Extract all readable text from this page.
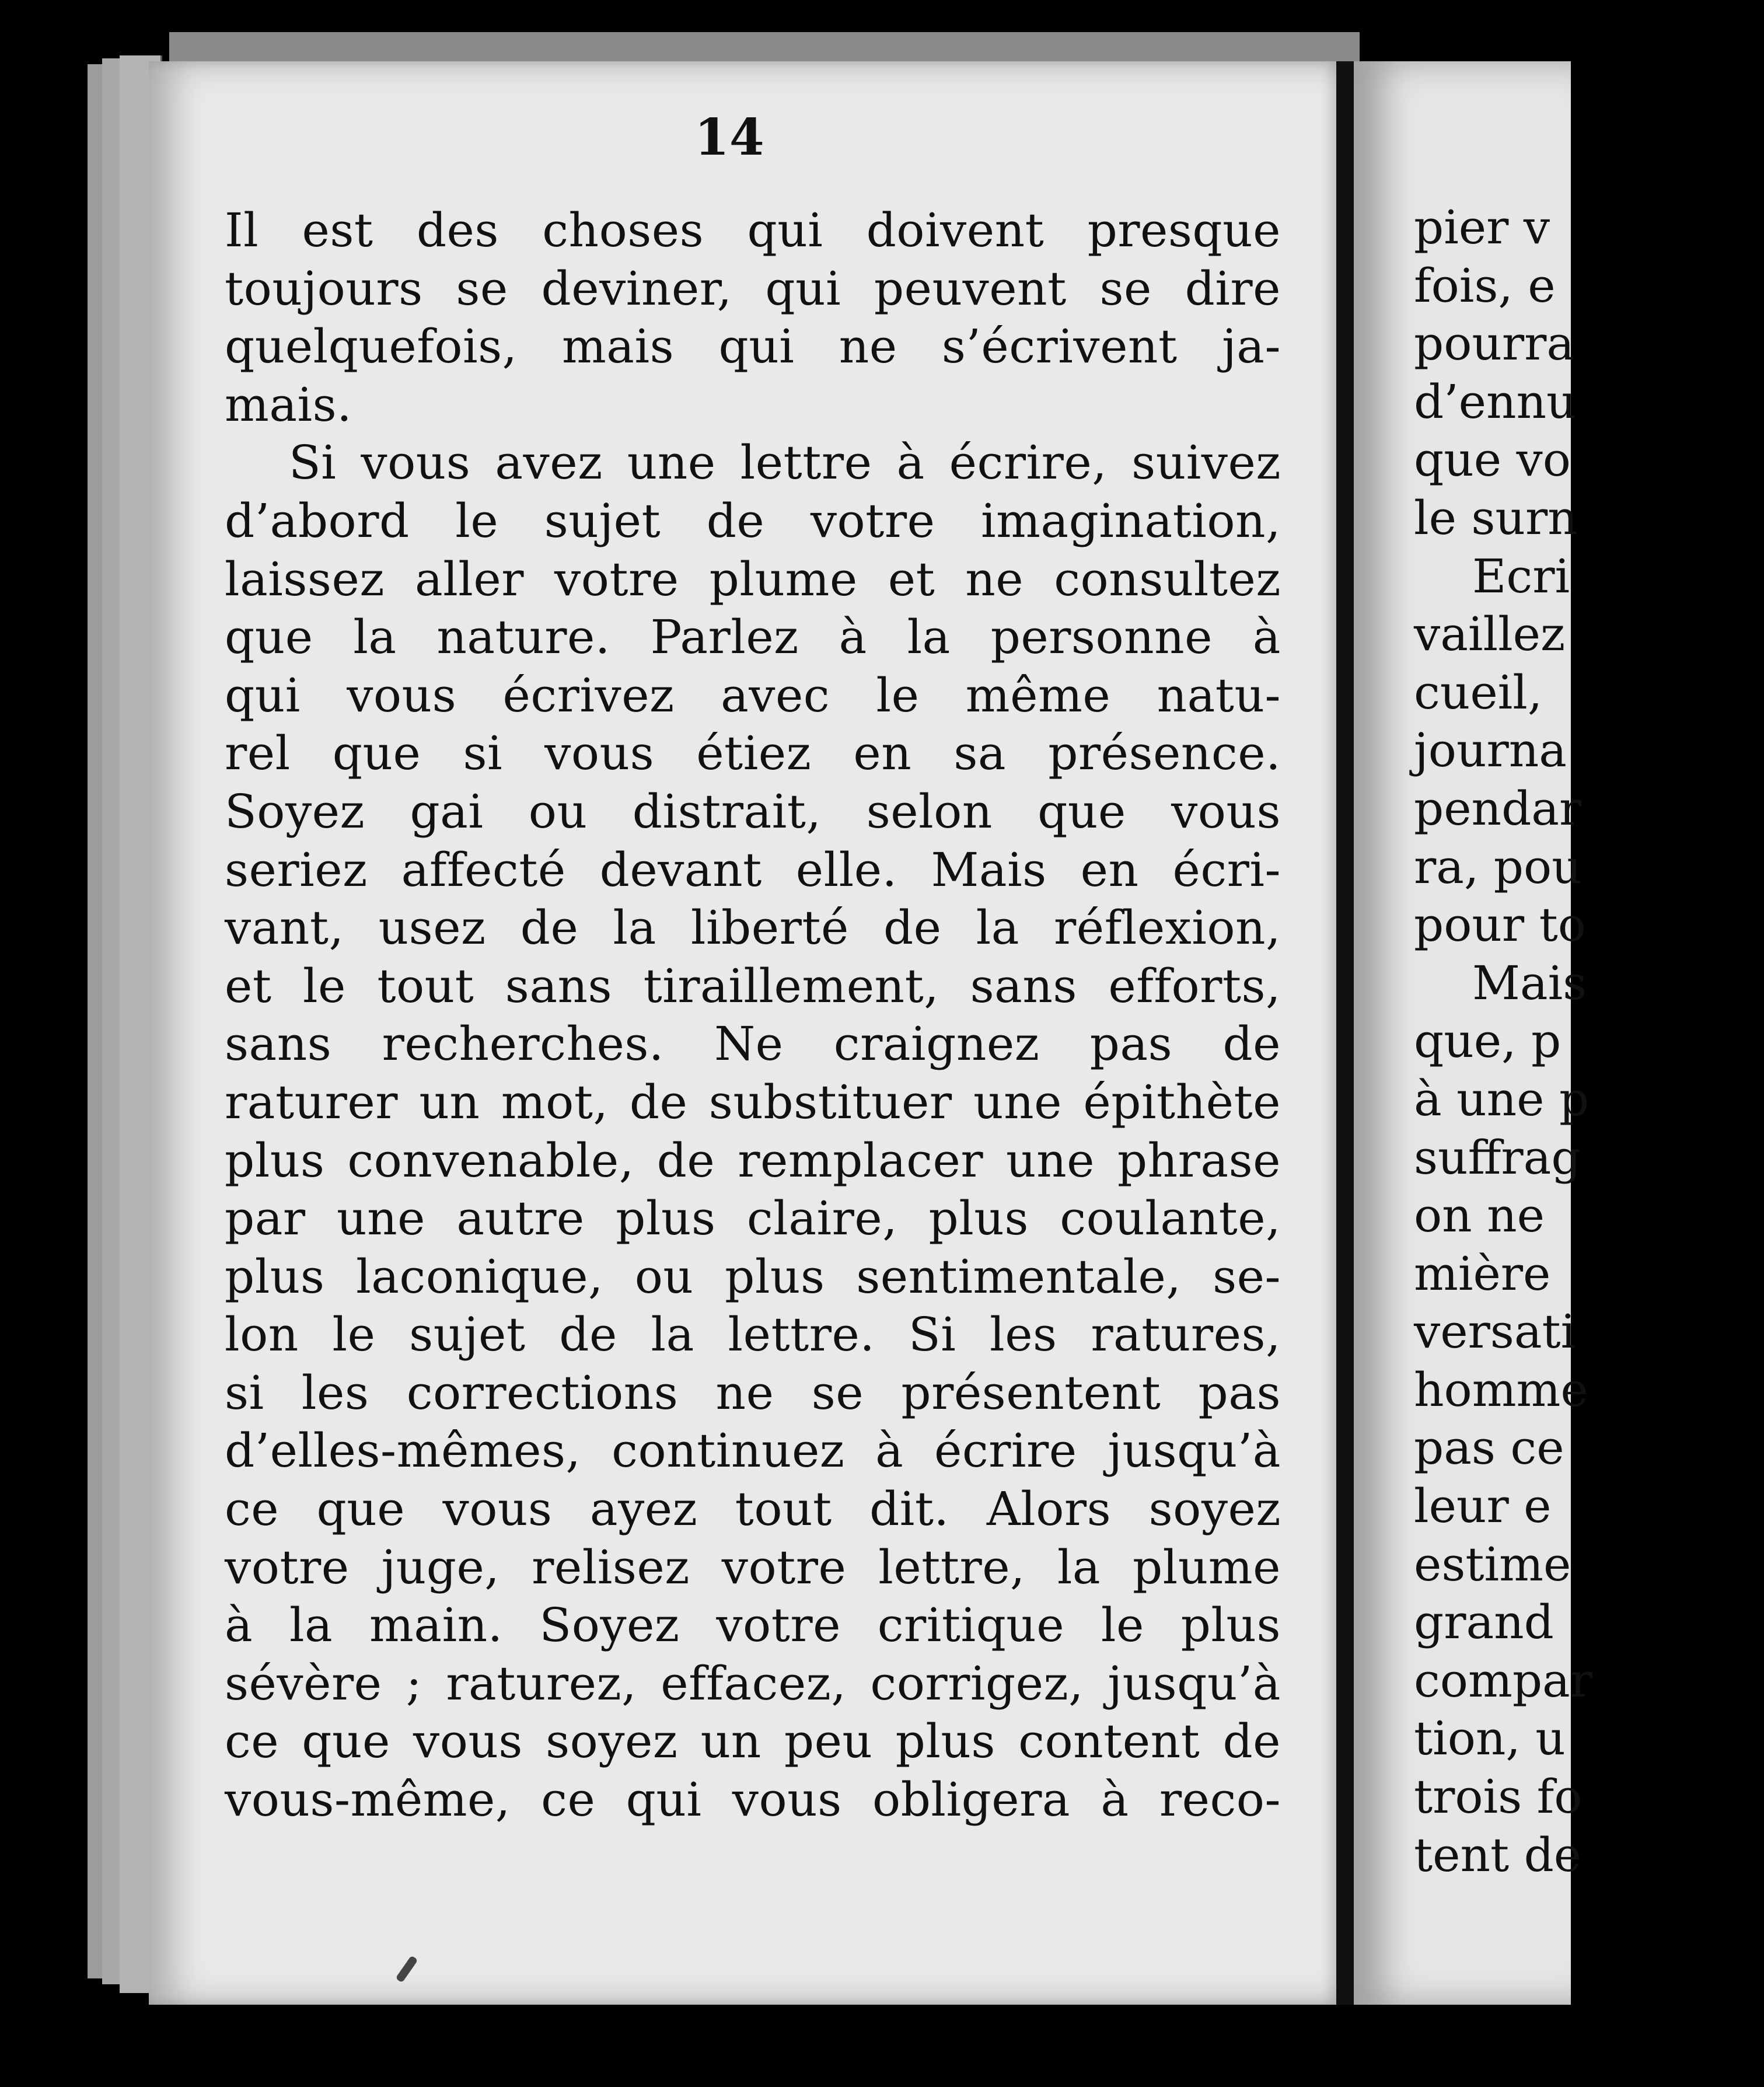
14
Il est des choses qui doivent presque
toujours se deviner, qui peuvent se dire
quelquefois, mais qui ne s’écrivent ja-
mais.
Si vous avez une lettre à écrire, suivez
d’abord le sujet de votre imagination,
laissez aller votre plume et ne consultez
que la nature. Parlez à la personne à
qui vous écrivez avec le même natu-
rel que si vous étiez en sa présence.
Soyez gai ou distrait, selon que vous
seriez affecté devant elle. Mais en écri-
vant, usez de la liberté de la réflexion,
et le tout sans tiraillement, sans efforts,
sans recherches. Ne craignez pas de
raturer un mot, de substituer une épithète
plus convenable, de remplacer une phrase
par une autre plus claire, plus coulante,
plus laconique, ou plus sentimentale, se-
lon le sujet de la lettre. Si les ratures,
si les corrections ne se présentent pas
d’elles-mêmes, continuez à écrire jusqu’à
ce que vous ayez tout dit. Alors soyez
votre juge, relisez votre lettre, la plume
à la main. Soyez votre critique le plus
sévère ; raturez, effacez, corrigez, jusqu’à
ce que vous soyez un peu plus content de
vous-même, ce qui vous obligera à reco-
pier v
fois, e
pourra
d’ennu
que vo
le surn
Ecri
vaillez
cueil,
journa
pendar
ra, pou
pour to
Mais
que, p
à une p
suffrag
on ne
mière
versati
homme
pas ce
leur e
estime
grand
compar
tion, u
trois fo
tent de
